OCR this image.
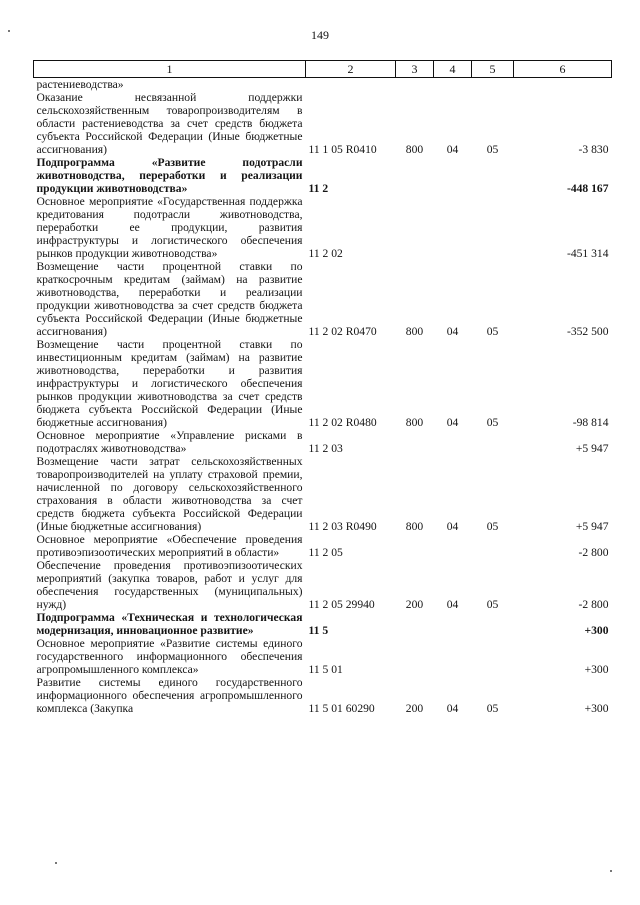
149
1	2	3	4	5	6
растениеводства»					
Оказание несвязанной поддержки сельскохозяйственным товаропроизводителям в области растениеводства за счет средств бюджета субъекта Российской Федерации (Иные бюджетные ассигнования)	11 1 05 R0410	800	04	05	-3 830
Подпрограмма «Развитие подотрасли животноводства, переработки и реализации продукции животноводства»	11 2				-448 167
Основное мероприятие «Государственная поддержка кредитования подотрасли животноводства, переработки ее продукции, развития инфраструктуры и логистического обеспечения рынков продукции животноводства»	11 2 02				-451 314
Возмещение части процентной ставки по краткосрочным кредитам (займам) на развитие животноводства, переработки и реализации продукции животноводства за счет средств бюджета субъекта Российской Федерации (Иные бюджетные ассигнования)	11 2 02 R0470	800	04	05	-352 500
Возмещение части процентной ставки по инвестиционным кредитам (займам) на развитие животноводства, переработки и развития инфраструктуры и логистического обеспечения рынков продукции животноводства за счет средств бюджета субъекта Российской Федерации (Иные бюджетные ассигнования)	11 2 02 R0480	800	04	05	-98 814
Основное мероприятие «Управление рисками в подотраслях животноводства»	11 2 03				+5 947
Возмещение части затрат сельскохозяйственных товаропроизводителей на уплату страховой премии, начисленной по договору сельскохозяйственного страхования в области животноводства за счет средств бюджета субъекта Российской Федерации (Иные бюджетные ассигнования)	11 2 03 R0490	800	04	05	+5 947
Основное мероприятие «Обеспечение проведения противоэпизоотических мероприятий в области»	11 2 05				-2 800
Обеспечение проведения противоэпизоотических мероприятий (закупка товаров, работ и услуг для обеспечения государственных (муниципальных) нужд)	11 2 05 29940	200	04	05	-2 800
Подпрограмма «Техническая и технологическая модернизация, инновационное развитие»	11 5				+300
Основное мероприятие «Развитие системы единого государственного информационного обеспечения агропромышленного комплекса»	11 5 01				+300
Развитие системы единого государственного информационного обеспечения агропромышленного комплекса (Закупка	11 5 01 60290	200	04	05	+300
